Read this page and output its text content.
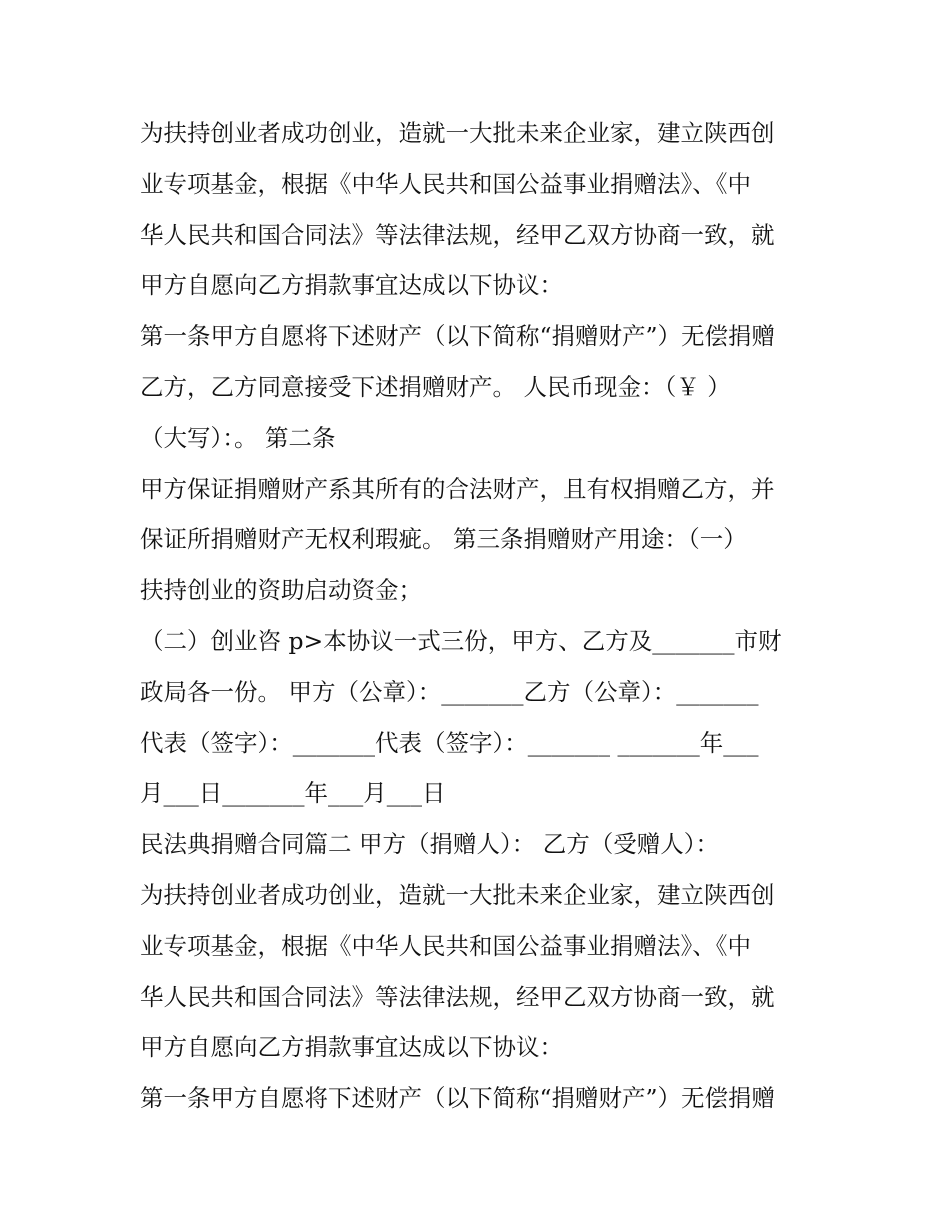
为扶持创业者成功创业，造就一大批未来企业家，建立陕西创
业专项基金，根据《中华人民共和国公益事业捐赠法》、《中
华人民共和国合同法》等法律法规，经甲乙双方协商一致，就
甲方自愿向乙方捐款事宜达成以下协议：
第一条甲方自愿将下述财产（以下简称“捐赠财产”）无偿捐赠
乙方，乙方同意接受下述捐赠财产。 人民币现金：（￥ ）
（大写）：。 第二条
甲方保证捐赠财产系其所有的合法财产，且有权捐赠乙方，并
保证所捐赠财产无权利瑕疵。 第三条捐赠财产用途：（一）
扶持创业的资助启动资金；
（二）创业咨 p>本协议一式三份，甲方、乙方及_______市财
政局各一份。 甲方（公章）：_______乙方（公章）：_______
代表（签字）：_______代表（签字）：_______ _______年___
月___日_______年___月___日
民法典捐赠合同篇二 甲方（捐赠人）： 乙方（受赠人）：
为扶持创业者成功创业，造就一大批未来企业家，建立陕西创
业专项基金，根据《中华人民共和国公益事业捐赠法》、《中
华人民共和国合同法》等法律法规，经甲乙双方协商一致，就
甲方自愿向乙方捐款事宜达成以下协议：
第一条甲方自愿将下述财产（以下简称“捐赠财产”）无偿捐赠
